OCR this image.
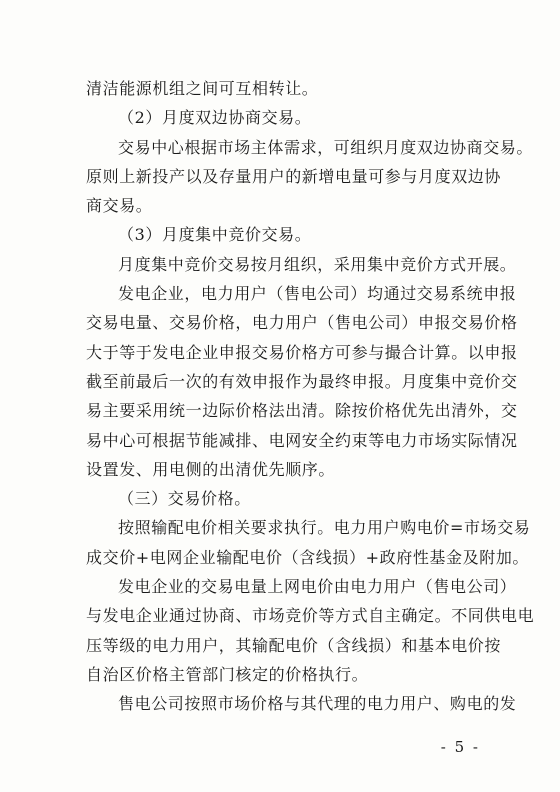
清洁能源机组之间可互相转让。
（2）月度双边协商交易。
交易中心根据市场主体需求，可组织月度双边协商交易。
原则上新投产以及存量用户的新增电量可参与月度双边协
商交易。
（3）月度集中竞价交易。
月度集中竞价交易按月组织，采用集中竞价方式开展。
发电企业，电力用户（售电公司）均通过交易系统申报
交易电量、交易价格，电力用户（售电公司）申报交易价格
大于等于发电企业申报交易价格方可参与撮合计算。以申报
截至前最后一次的有效申报作为最终申报。月度集中竞价交
易主要采用统一边际价格法出清。除按价格优先出清外，交
易中心可根据节能减排、电网安全约束等电力市场实际情况
设置发、用电侧的出清优先顺序。
（三）交易价格。
按照输配电价相关要求执行。电力用户购电价=市场交易
成交价+电网企业输配电价（含线损）+政府性基金及附加。
发电企业的交易电量上网电价由电力用户（售电公司）
与发电企业通过协商、市场竞价等方式自主确定。不同供电电
压等级的电力用户，其输配电价（含线损）和基本电价按
自治区价格主管部门核定的价格执行。
售电公司按照市场价格与其代理的电力用户、购电的发
- 5 -
